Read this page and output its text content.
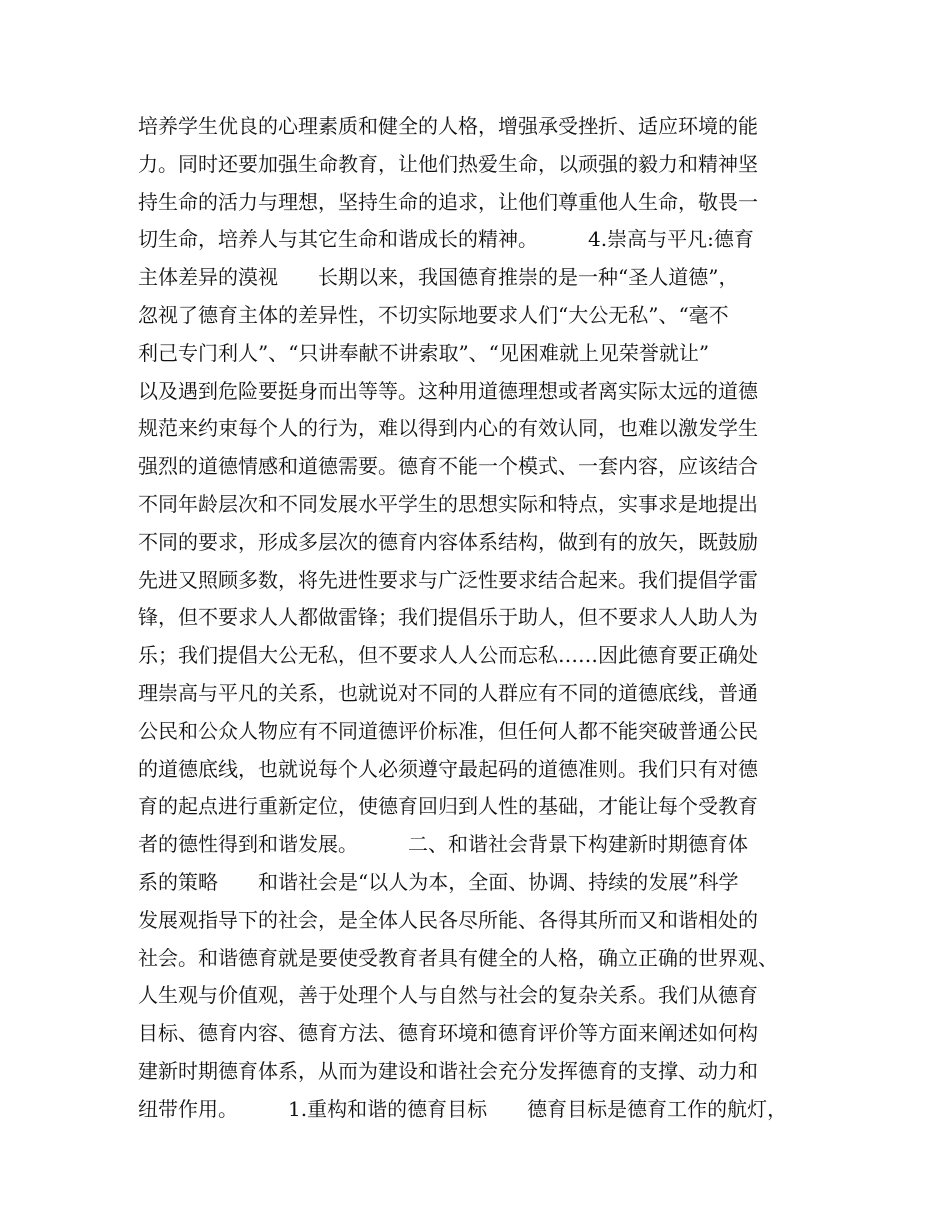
培养学生优良的心理素质和健全的人格，增强承受挫折、适应环境的能
力。同时还要加强生命教育，让他们热爱生命，以顽强的毅力和精神坚
持生命的活力与理想，坚持生命的追求，让他们尊重他人生命，敬畏一
切生命，培养人与其它生命和谐成长的精神。　　　4.崇高与平凡:德育
主体差异的漠视　　长期以来，我国德育推崇的是一种“圣人道德”，
忽视了德育主体的差异性，不切实际地要求人们“大公无私”、“毫不
利己专门利人”、“只讲奉献不讲索取”、“见困难就上见荣誉就让”
以及遇到危险要挺身而出等等。这种用道德理想或者离实际太远的道德
规范来约束每个人的行为，难以得到内心的有效认同，也难以激发学生
强烈的道德情感和道德需要。德育不能一个模式、一套内容，应该结合
不同年龄层次和不同发展水平学生的思想实际和特点，实事求是地提出
不同的要求，形成多层次的德育内容体系结构，做到有的放矢，既鼓励
先进又照顾多数，将先进性要求与广泛性要求结合起来。我们提倡学雷
锋，但不要求人人都做雷锋；我们提倡乐于助人，但不要求人人助人为
乐；我们提倡大公无私，但不要求人人公而忘私……因此德育要正确处
理崇高与平凡的关系，也就说对不同的人群应有不同的道德底线，普通
公民和公众人物应有不同道德评价标准，但任何人都不能突破普通公民
的道德底线，也就说每个人必须遵守最起码的道德准则。我们只有对德
育的起点进行重新定位，使德育回归到人性的基础，才能让每个受教育
者的德性得到和谐发展。　　　二、和谐社会背景下构建新时期德育体
系的策略　　和谐社会是“以人为本，全面、协调、持续的发展”科学
发展观指导下的社会，是全体人民各尽所能、各得其所而又和谐相处的
社会。和谐德育就是要使受教育者具有健全的人格，确立正确的世界观、
人生观与价值观，善于处理个人与自然与社会的复杂关系。我们从德育
目标、德育内容、德育方法、德育环境和德育评价等方面来阐述如何构
建新时期德育体系，从而为建设和谐社会充分发挥德育的支撑、动力和
纽带作用。　　　1.重构和谐的德育目标　　德育目标是德育工作的航灯，
